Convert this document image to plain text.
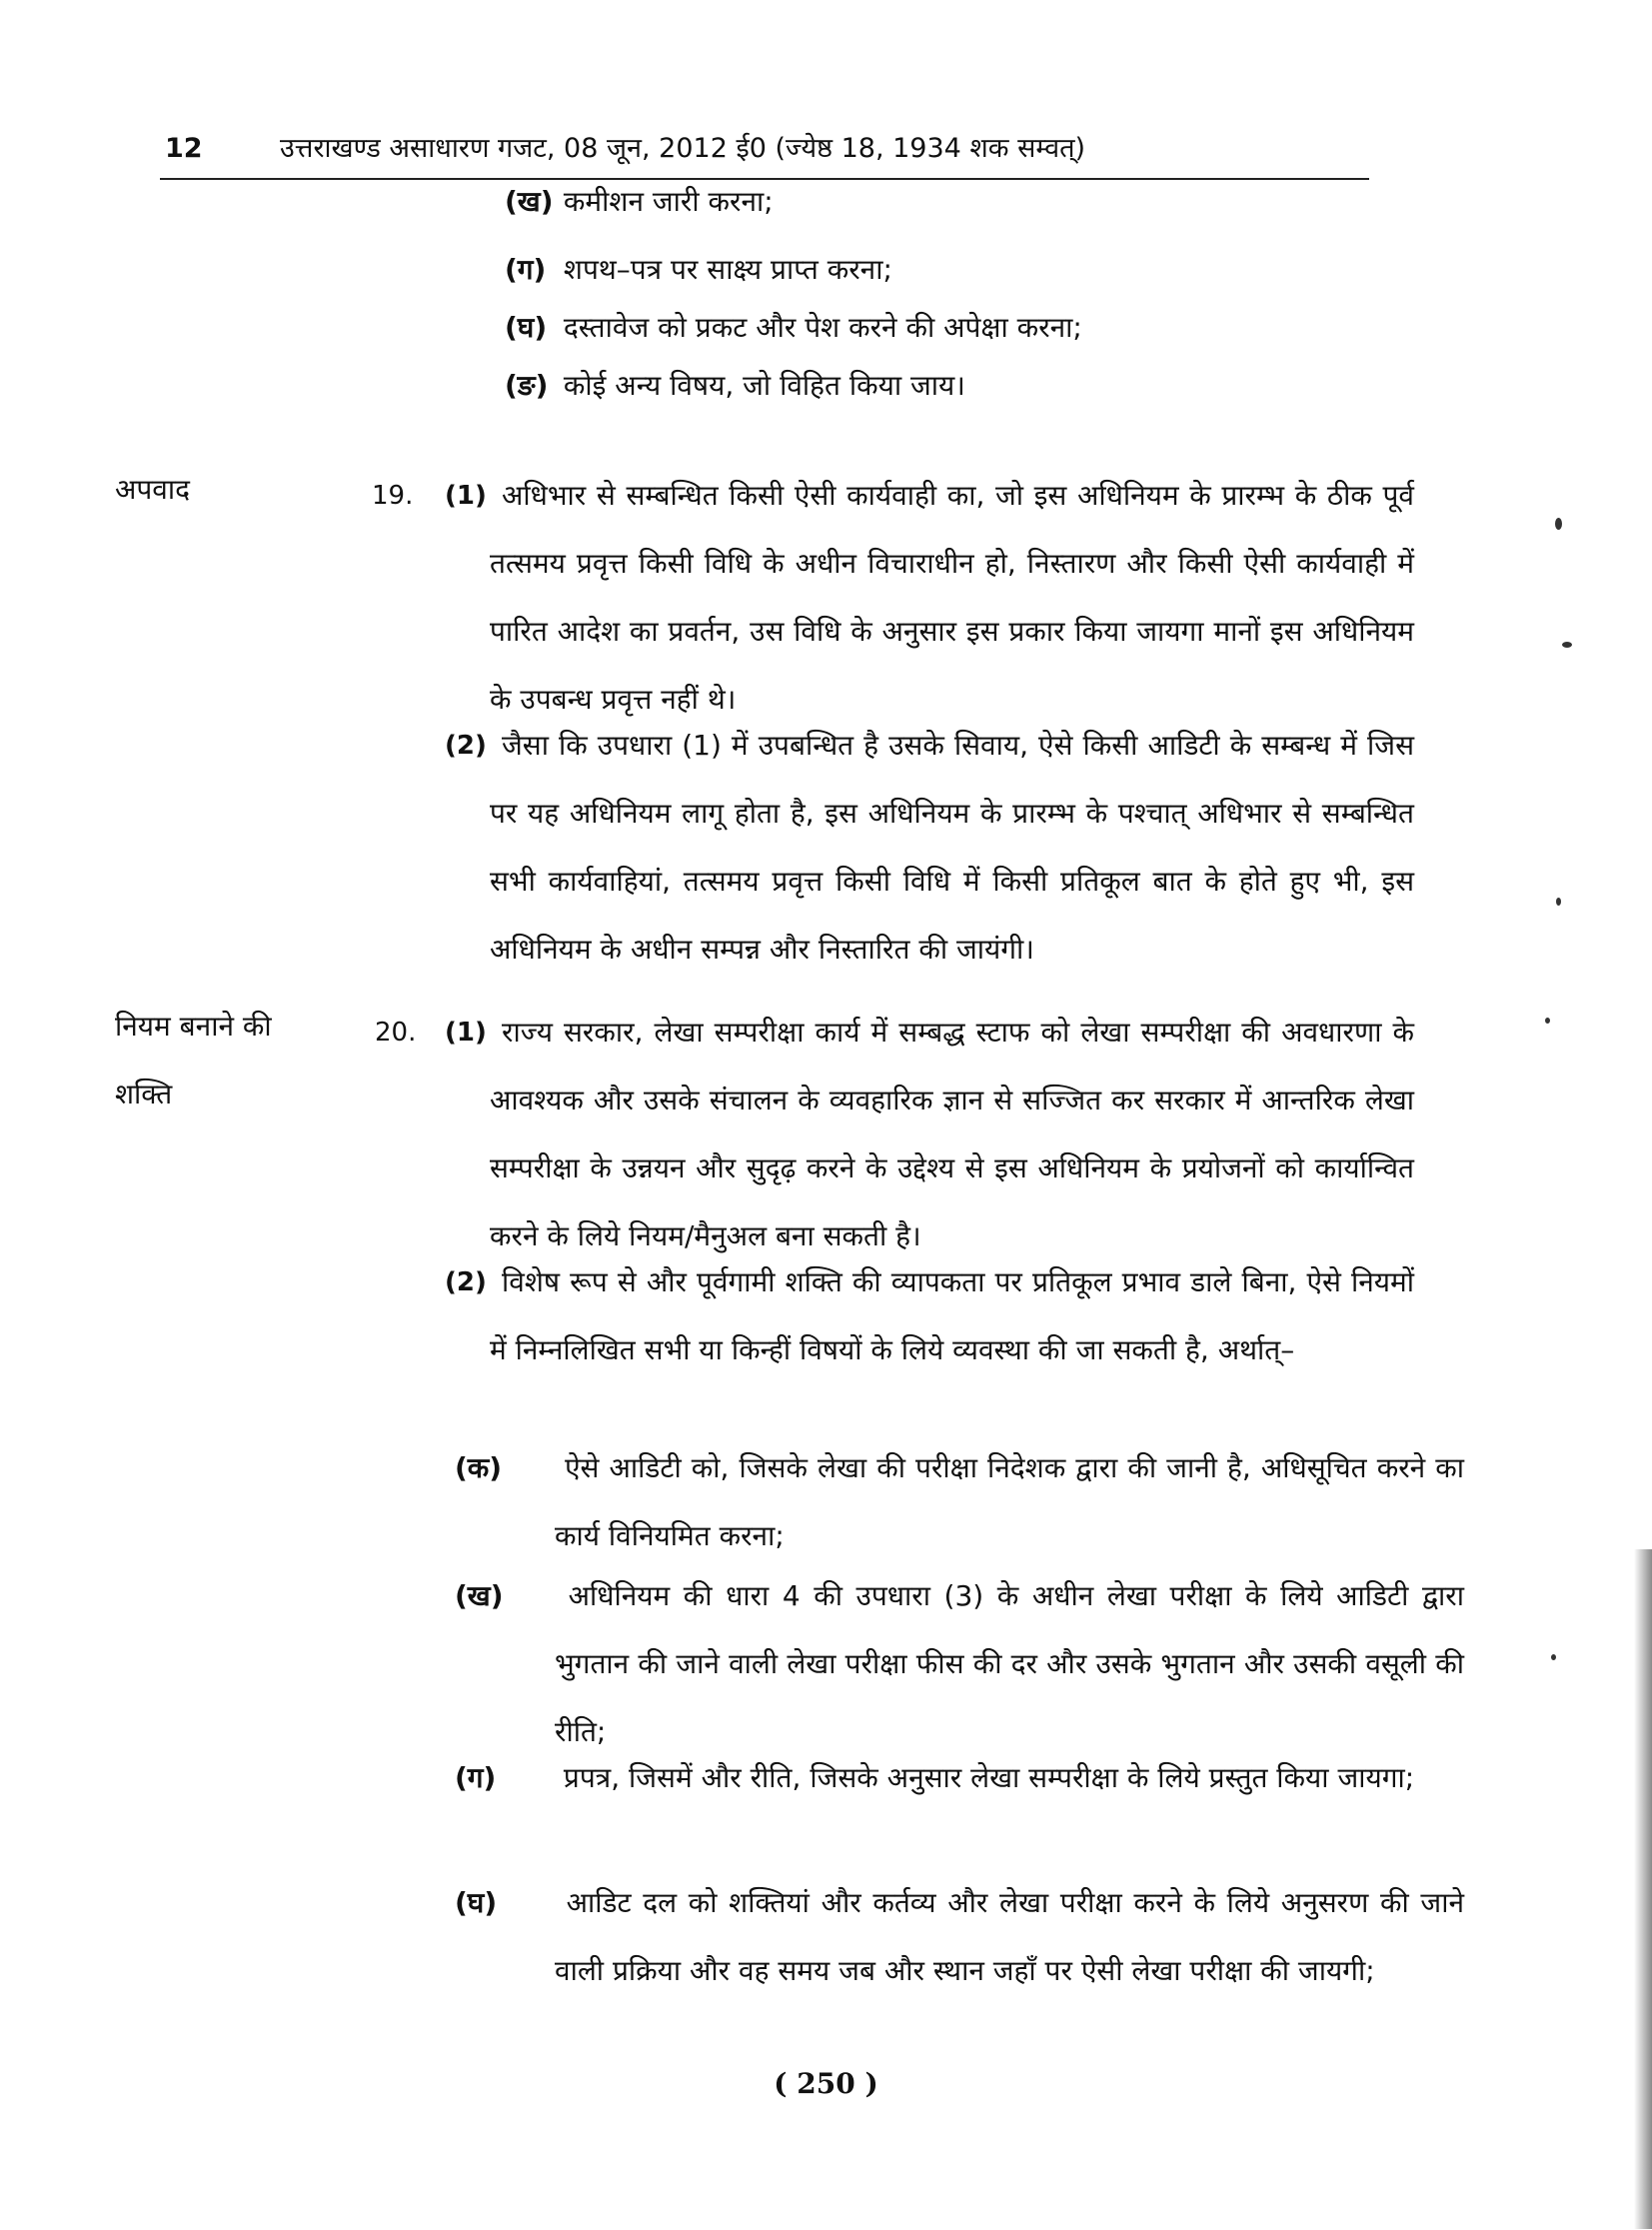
12	उत्तराखण्ड असाधारण गजट, 08 जून, 2012 ई0 (ज्येष्ठ 18, 1934 शक सम्वत्)
(ख) कमीशन जारी करना;
(ग) शपथ–पत्र पर साक्ष्य प्राप्त करना;
(घ) दस्तावेज को प्रकट और पेश करने की अपेक्षा करना;
(ङ) कोई अन्य विषय, जो विहित किया जाय।
अपवाद	19. (1) अधिभार से सम्बन्धित किसी ऐसी कार्यवाही का, जो इस अधिनियम के प्रारम्भ के ठीक पूर्व तत्समय प्रवृत्त किसी विधि के अधीन विचाराधीन हो, निस्तारण और किसी ऐसी कार्यवाही में पारित आदेश का प्रवर्तन, उस विधि के अनुसार इस प्रकार किया जायगा मानों इस अधिनियम के उपबन्ध प्रवृत्त नहीं थे।
(2) जैसा कि उपधारा (1) में उपबन्धित है उसके सिवाय, ऐसे किसी आडिटी के सम्बन्ध में जिस पर यह अधिनियम लागू होता है, इस अधिनियम के प्रारम्भ के पश्चात् अधिभार से सम्बन्धित सभी कार्यवाहियां, तत्समय प्रवृत्त किसी विधि में किसी प्रतिकूल बात के होते हुए भी, इस अधिनियम के अधीन सम्पन्न और निस्तारित की जायंगी।
नियम बनाने की
शक्ति
20. (1) राज्य सरकार, लेखा सम्परीक्षा कार्य में सम्बद्ध स्टाफ को लेखा सम्परीक्षा की अवधारणा के आवश्यक और उसके संचालन के व्यवहारिक ज्ञान से सज्जित कर सरकार में आन्तरिक लेखा सम्परीक्षा के उन्नयन और सुदृढ़ करने के उद्देश्य से इस अधिनियम के प्रयोजनों को कार्यान्वित करने के लिये नियम/मैनुअल बना सकती है।
(2) विशेष रूप से और पूर्वगामी शक्ति की व्यापकता पर प्रतिकूल प्रभाव डाले बिना, ऐसे नियमों में निम्नलिखित सभी या किन्हीं विषयों के लिये व्यवस्था की जा सकती है, अर्थात्–
(क) ऐसे आडिटी को, जिसके लेखा की परीक्षा निदेशक द्वारा की जानी है, अधिसूचित करने का कार्य विनियमित करना;
(ख) अधिनियम की धारा 4 की उपधारा (3) के अधीन लेखा परीक्षा के लिये आडिटी द्वारा भुगतान की जाने वाली लेखा परीक्षा फीस की दर और उसके भुगतान और उसकी वसूली की रीति;
(ग) प्रपत्र, जिसमें और रीति, जिसके अनुसार लेखा सम्परीक्षा के लिये प्रस्तुत किया जायगा;
(घ) आडिट दल को शक्तियां और कर्तव्य और लेखा परीक्षा करने के लिये अनुसरण की जाने वाली प्रक्रिया और वह समय जब और स्थान जहाँ पर ऐसी लेखा परीक्षा की जायगी;
( 250 )
